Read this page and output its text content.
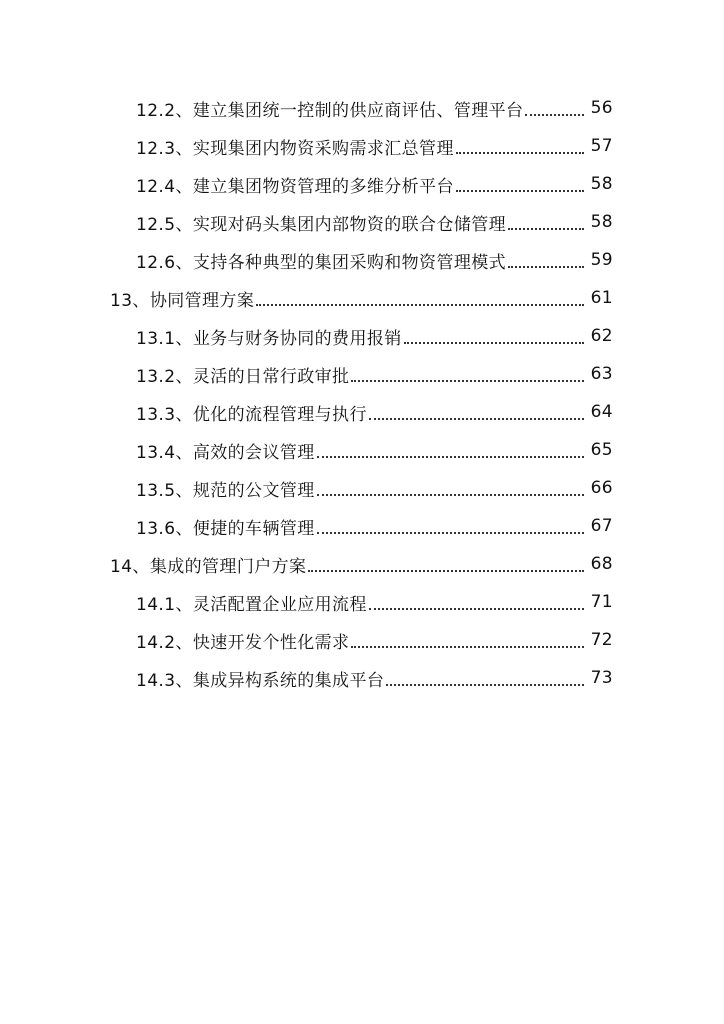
12.2、建立集团统一控制的供应商评估、管理平台	56
12.3、实现集团内物资采购需求汇总管理	57
12.4、建立集团物资管理的多维分析平台	58
12.5、实现对码头集团内部物资的联合仓储管理	58
12.6、支持各种典型的集团采购和物资管理模式	59
13、协同管理方案	61
13.1、业务与财务协同的费用报销	62
13.2、灵活的日常行政审批	63
13.3、优化的流程管理与执行	64
13.4、高效的会议管理	65
13.5、规范的公文管理	66
13.6、便捷的车辆管理	67
14、集成的管理门户方案	68
14.1、灵活配置企业应用流程	71
14.2、快速开发个性化需求	72
14.3、集成异构系统的集成平台	73
